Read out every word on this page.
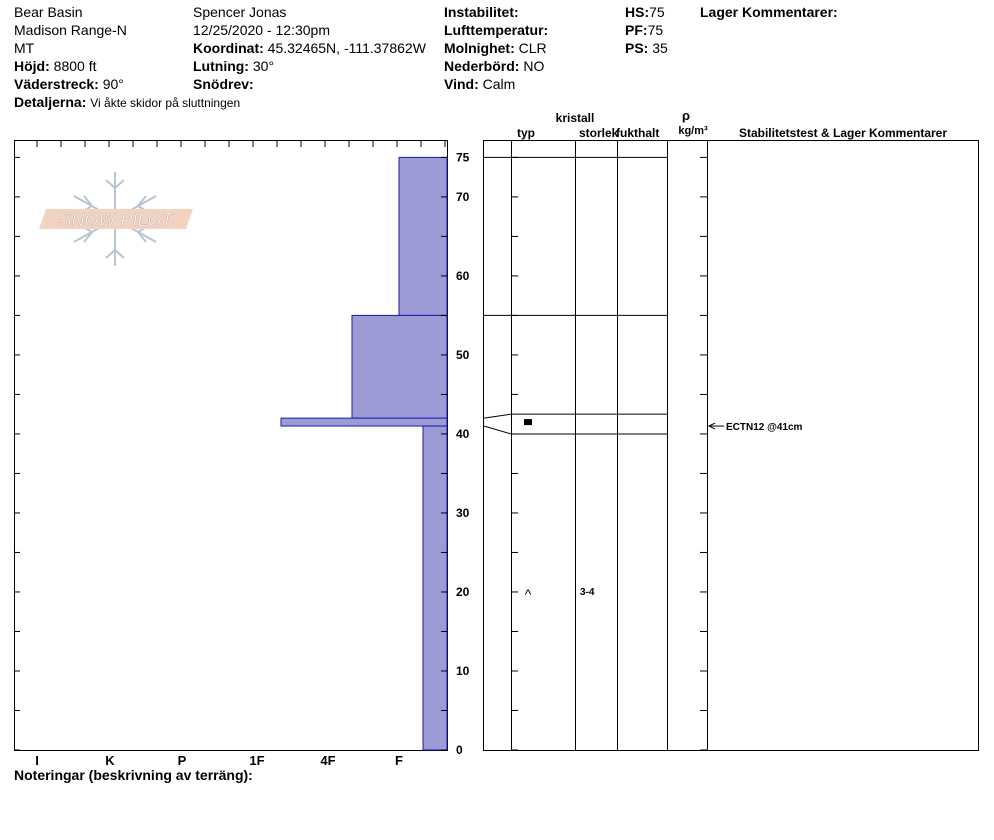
Bear Basin
Madison Range-N
MT
Höjd: 8800 ft
Väderstreck: 90°
Detaljerna: Vi åkte skidor på sluttningen
Spencer Jonas
12/25/2020 - 12:30pm
Koordinat: 45.32465N, -111.37862W
Lutning: 30°
Snödrev:
Instabilitet:
Lufttemperatur:
Molnighet: CLR
Nederbörd: NO
Vind: Calm
HS:75
PF:75
PS: 35
Lager Kommentarer:
SNOW PILOT
0
10
20
30
40
50
60
70
75
I	K	P	1F	4F	F
^	3-4
ECTN12 @41cm
kristall
typ	storlek
fukthalt
ρ
kg/m³	Stabilitetstest & Lager Kommentarer
Noteringar (beskrivning av terräng):
